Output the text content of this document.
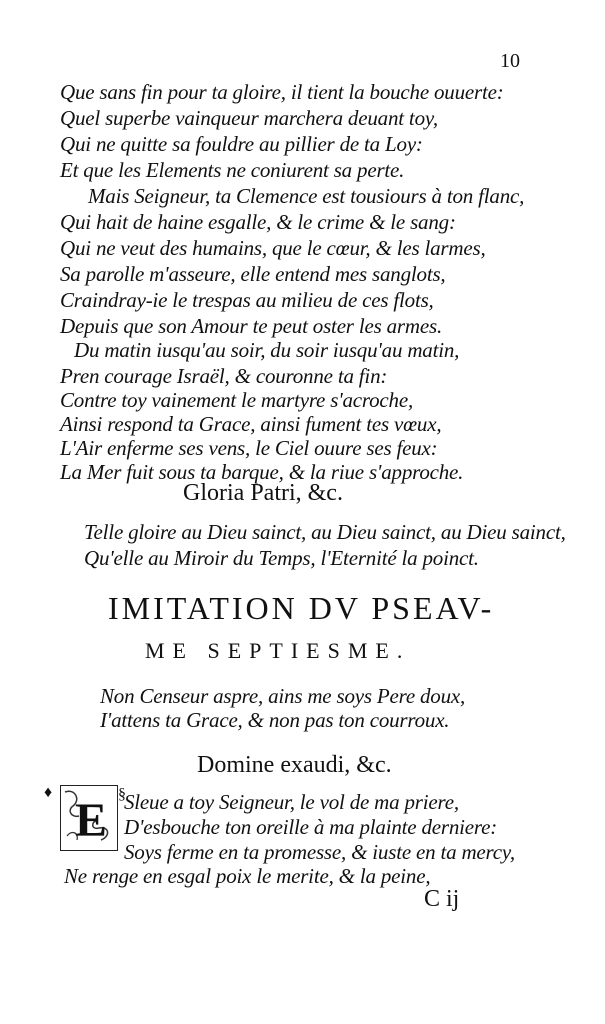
10
Que sans fin pour ta gloire, il tient la bouche ouuerte:
Quel superbe vainqueur marchera deuant toy,
Qui ne quitte sa fouldre au pillier de ta Loy:
Et que les Elements ne coniurent sa perte.
Mais Seigneur, ta Clemence est tousiours à ton flanc,
Qui hait de haine esgalle, & le crime & le sang:
Qui ne veut des humains, que le cœur, & les larmes,
Sa parolle m'asseure, elle entend mes sanglots,
Craindray-ie le trespas au milieu de ces flots,
Depuis que son Amour te peut oster les armes.
Du matin iusqu'au soir, du soir iusqu'au matin,
Pren courage Israël, & couronne ta fin:
Contre toy vainement le martyre s'acroche,
Ainsi respond ta Grace, ainsi fument tes vœux,
L'Air enferme ses vens, le Ciel ouure ses feux:
La Mer fuit sous ta barque, & la riue s'approche.
Gloria Patri, &c.
Telle gloire au Dieu sainct, au Dieu sainct, au Dieu sainct,
Qu'elle au Miroir du Temps, l'Eternité la poinct.
IMITATION DV PSEAV-
ME SEPTIESME.
Non Censeur aspre, ains me soys Pere doux,
I'attens ta Grace, & non pas ton courroux.
Domine exaudi, &c.
♦
E §
Sleue a toy Seigneur, le vol de ma priere,
D'esbouche ton oreille à ma plainte derniere:
Soys ferme en ta promesse, & iuste en ta mercy,
Ne renge en esgal poix le merite, & la peine,
C ij
